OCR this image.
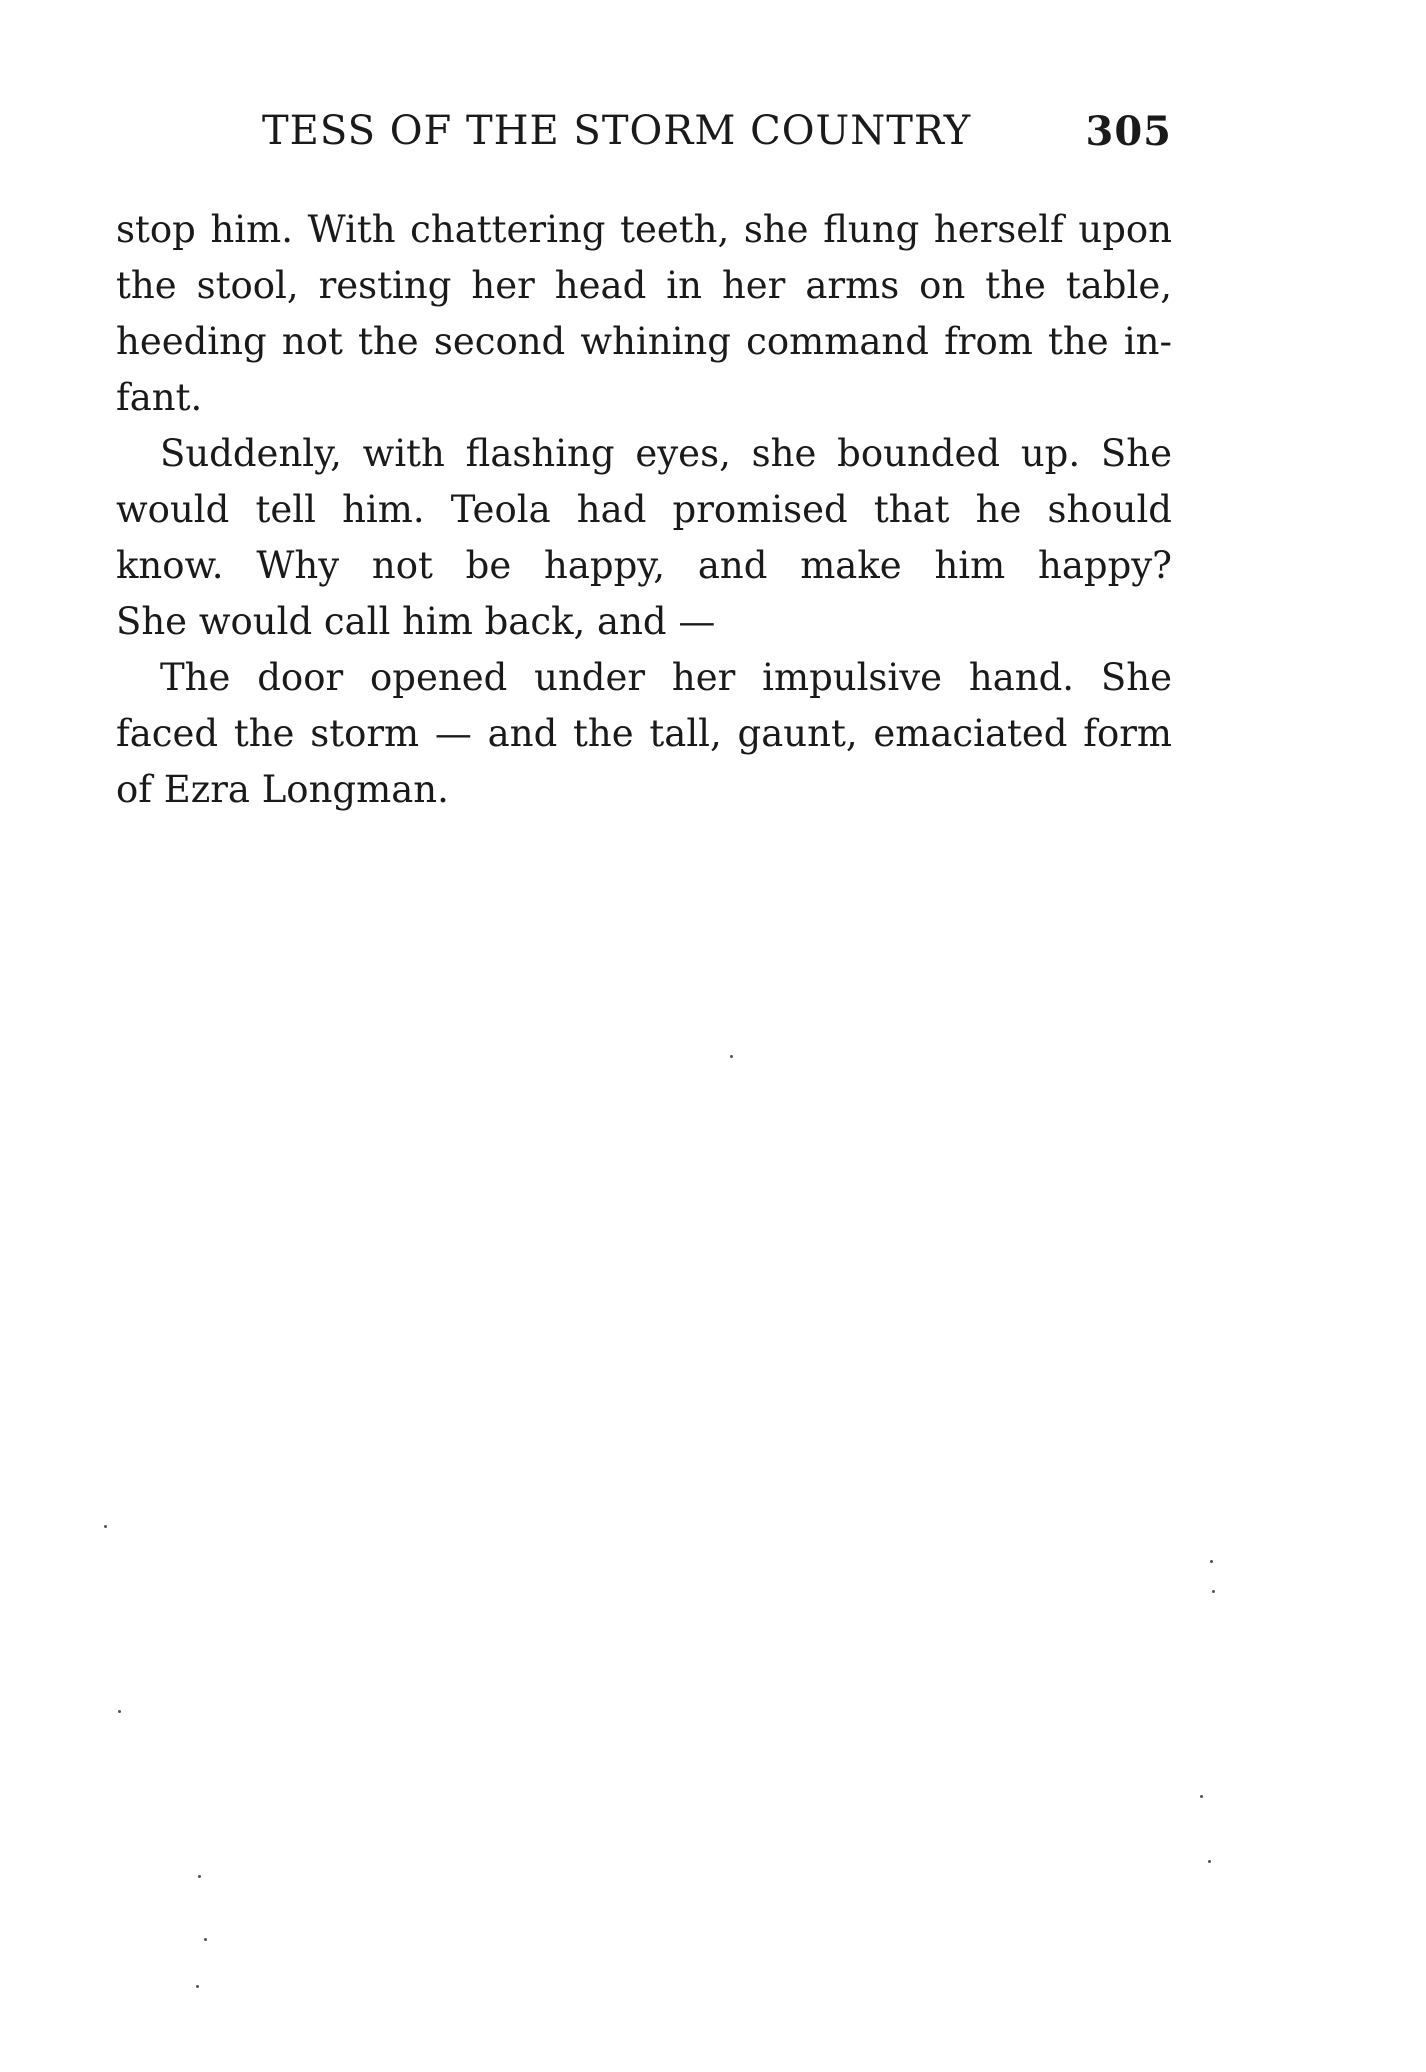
TESS OF THE STORM COUNTRY	305
stop him. With chattering teeth, she flung herself upon
the stool, resting her head in her arms on the table,
heeding not the second whining command from the in-
fant.
Suddenly, with flashing eyes, she bounded up. She
would tell him. Teola had promised that he should
know. Why not be happy, and make him happy?
She would call him back, and —
The door opened under her impulsive hand. She
faced the storm — and the tall, gaunt, emaciated form
of Ezra Longman.
